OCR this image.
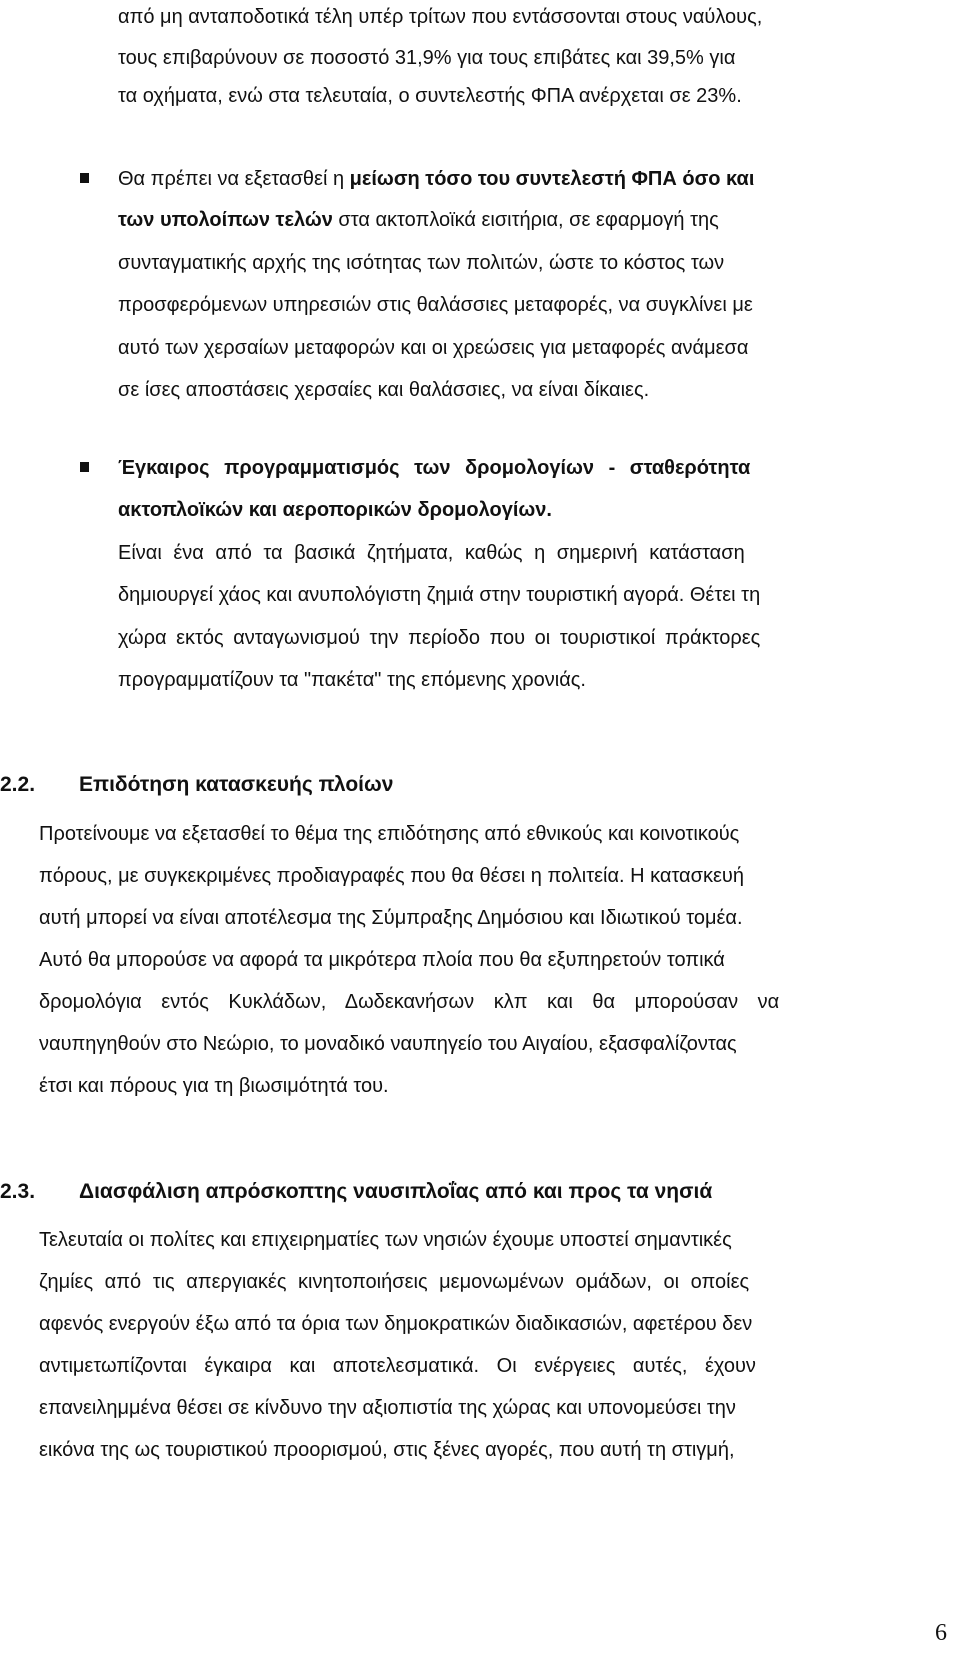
από μη ανταποδοτικά τέλη υπέρ τρίτων που εντάσσονται στους ναύλους,
τους επιβαρύνουν σε ποσοστό 31,9% για τους επιβάτες και 39,5% για
τα οχήματα, ενώ στα τελευταία, ο συντελεστής ΦΠΑ ανέρχεται σε 23%.
Θα πρέπει να εξετασθεί η μείωση τόσο του συντελεστή ΦΠΑ όσο και
των υπολοίπων τελών στα ακτοπλοϊκά εισιτήρια, σε εφαρμογή της
συνταγματικής αρχής της ισότητας των πολιτών, ώστε το κόστος των
προσφερόμενων υπηρεσιών στις θαλάσσιες μεταφορές, να συγκλίνει με
αυτό των χερσαίων μεταφορών και οι χρεώσεις για μεταφορές ανάμεσα
σε ίσες αποστάσεις χερσαίες και θαλάσσιες, να είναι δίκαιες.
Έγκαιρος προγραμματισμός των δρομολογίων - σταθερότητα
ακτοπλοϊκών και αεροπορικών δρομολογίων.
Είναι ένα από τα βασικά ζητήματα, καθώς η σημερινή κατάσταση
δημιουργεί χάος και ανυπολόγιστη ζημιά στην τουριστική αγορά. Θέτει τη
χώρα εκτός ανταγωνισμού την περίοδο που οι τουριστικοί πράκτορες
προγραμματίζουν τα "πακέτα" της επόμενης χρονιάς.
2.2. Επιδότηση κατασκευής πλοίων
Προτείνουμε να εξετασθεί το θέμα της επιδότησης από εθνικούς και κοινοτικούς
πόρους, με συγκεκριμένες προδιαγραφές που θα θέσει η πολιτεία. Η κατασκευή
αυτή μπορεί να είναι αποτέλεσμα της Σύμπραξης Δημόσιου και Ιδιωτικού τομέα.
Αυτό θα μπορούσε να αφορά τα μικρότερα πλοία που θα εξυπηρετούν τοπικά
δρομολόγια εντός Κυκλάδων, Δωδεκανήσων κλπ και θα μπορούσαν να
ναυπηγηθούν στο Νεώριο, το μοναδικό ναυπηγείο του Αιγαίου, εξασφαλίζοντας
έτσι και πόρους για τη βιωσιμότητά του.
2.3. Διασφάλιση απρόσκοπτης ναυσιπλοΐας από και προς τα νησιά
Τελευταία οι πολίτες και επιχειρηματίες των νησιών έχουμε υποστεί σημαντικές
ζημίες από τις απεργιακές κινητοποιήσεις μεμονωμένων ομάδων, οι οποίες
αφενός ενεργούν έξω από τα όρια των δημοκρατικών διαδικασιών, αφετέρου δεν
αντιμετωπίζονται έγκαιρα και αποτελεσματικά. Οι ενέργειες αυτές, έχουν
επανειλημμένα θέσει σε κίνδυνο την αξιοπιστία της χώρας και υπονομεύσει την
εικόνα της ως τουριστικού προορισμού, στις ξένες αγορές, που αυτή τη στιγμή,
6
